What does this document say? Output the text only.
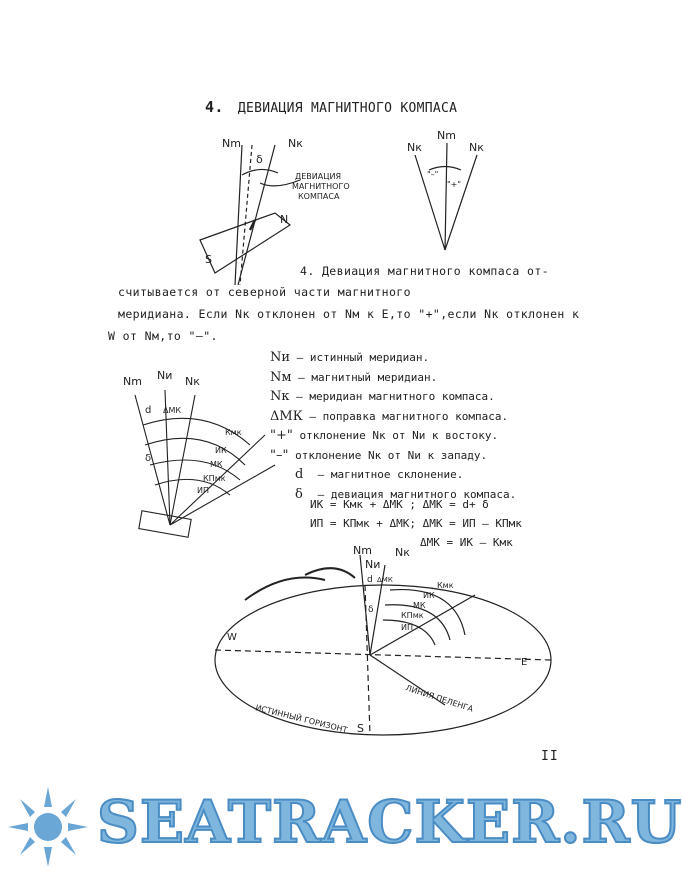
4. ДЕВИАЦИЯ МАГНИТНОГО КОМПАСА
Nm	Nк
δ
ДЕВИАЦИЯ
МАГНИТНОГО
КОМПАСА
N
S
Nm
Nк	Nк
"–"
"+"
4. Девиация магнитного компаса от-
считывается от северной части магнитного
меридиана. Если Nк отклонен от Nм к Е,то "+",если Nк отклонен к
W от Nм,то "–".
Nm Nи Nк
d ΔМК
δ
Кмк
ИК
МК
КПмк
ИП
Nи – истинный меридиан.
Nм – магнитный меридиан.
Nк – меридиан магнитного компаса.
ΔМК – поправка магнитного компаса.
"+" отклонение Nк от Nи к востоку.
"–" отклонение Nк от Nи к западу.
d – магнитное склонение.
δ – девиация магнитного компаса.
ИК = Кмк + ΔМК ; ΔМК = d+ δ
ИП = КПмк + ΔМК; ΔМК = ИП – КПмк
ΔМК = ИК – Кмк
Nm
Nи
Nк
d ΔМК
δ
Кмк
ИК
МК
КПмк
ИП
W
E
S
ЛИНИЯ ПЕЛЕНГА
ИСТИННЫЙ ГОРИЗОНТ
II
SEATRACKER.RU
